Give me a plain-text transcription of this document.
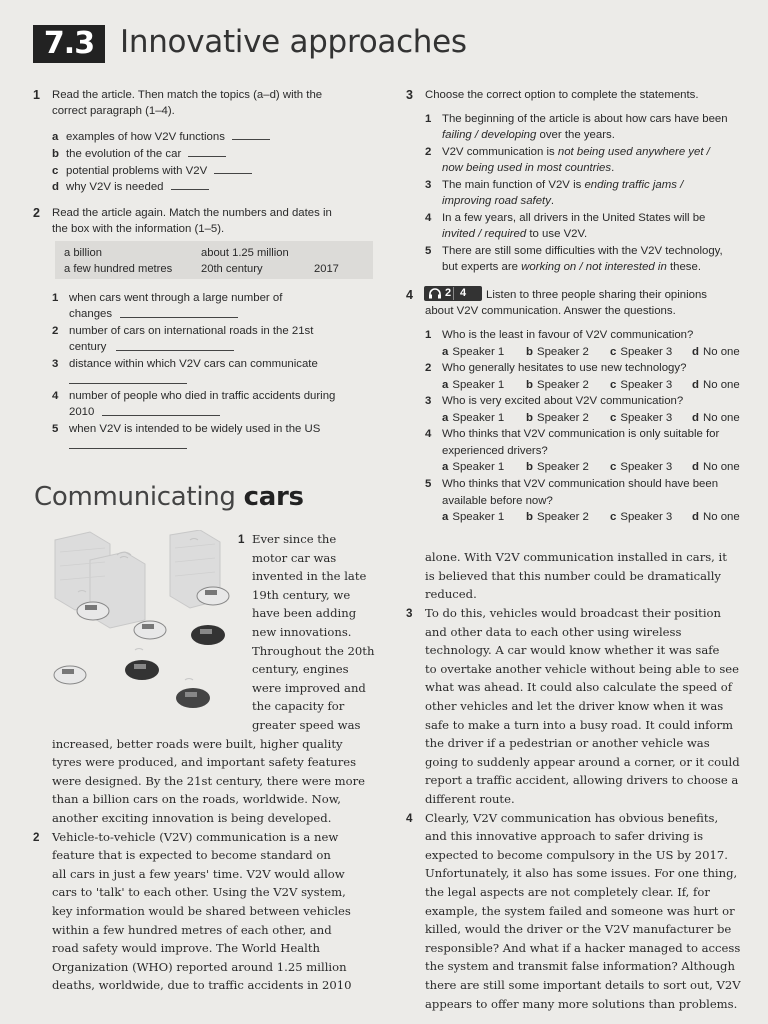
7.3 Innovative approaches
1 Read the article. Then match the topics (a–d) with the
correct paragraph (1–4).
a examples of how V2V functions
b the evolution of the car
c potential problems with V2V
d why V2V is needed
2 Read the article again. Match the numbers and dates in
the box with the information (1–5).
a billion	about 1.25 million
a few hundred metres	20th century	2017
1 when cars went through a large number of
changes
2 number of cars on international roads in the 21st
century
3 distance within which V2V cars can communicate
4 number of people who died in traffic accidents during
2010
5 when V2V is intended to be widely used in the US
3 Choose the correct option to complete the statements.
1 The beginning of the article is about how cars have been
failing / developing over the years.
2 V2V communication is not being used anywhere yet /
now being used in most countries.
3 The main function of V2V is ending traffic jams /
improving road safety.
4 In a few years, all drivers in the United States will be
invited / required to use V2V.
5 There are still some difficulties with the V2V technology,
but experts are working on / not interested in these.
4	2 4 Listen to three people sharing their opinions
about V2V communication. Answer the questions.
1 Who is the least in favour of V2V communication?
a Speaker 1 b Speaker 2 c Speaker 3 d No one
2 Who generally hesitates to use new technology?
a Speaker 1 b Speaker 2 c Speaker 3 d No one
3 Who is very excited about V2V communication?
a Speaker 1 b Speaker 2 c Speaker 3 d No one
4 Who thinks that V2V communication is only suitable for
experienced drivers?
a Speaker 1 b Speaker 2 c Speaker 3 d No one
5 Who thinks that V2V communication should have been
available before now?
a Speaker 1 b Speaker 2 c Speaker 3 d No one
Communicating cars
1 Ever since the
motor car was
invented in the late
19th century, we
have been adding
new innovations.
Throughout the 20th
century, engines
were improved and
the capacity for
greater speed was
increased, better roads were built, higher quality
tyres were produced, and important safety features
were designed. By the 21st century, there were more
than a billion cars on the roads, worldwide. Now,
another exciting innovation is being developed.
2 Vehicle-to-vehicle (V2V) communication is a new
feature that is expected to become standard on
all cars in just a few years' time. V2V would allow
cars to 'talk' to each other. Using the V2V system,
key information would be shared between vehicles
within a few hundred metres of each other, and
road safety would improve. The World Health
Organization (WHO) reported around 1.25 million
deaths, worldwide, due to traffic accidents in 2010
alone. With V2V communication installed in cars, it
is believed that this number could be dramatically
reduced.
3 To do this, vehicles would broadcast their position
and other data to each other using wireless
technology. A car would know whether it was safe
to overtake another vehicle without being able to see
what was ahead. It could also calculate the speed of
other vehicles and let the driver know when it was
safe to make a turn into a busy road. It could inform
the driver if a pedestrian or another vehicle was
going to suddenly appear around a corner, or it could
report a traffic accident, allowing drivers to choose a
different route.
4 Clearly, V2V communication has obvious benefits,
and this innovative approach to safer driving is
expected to become compulsory in the US by 2017.
Unfortunately, it also has some issues. For one thing,
the legal aspects are not completely clear. If, for
example, the system failed and someone was hurt or
killed, would the driver or the V2V manufacturer be
responsible? And what if a hacker managed to access
the system and transmit false information? Although
there are still some important details to sort out, V2V
appears to offer many more solutions than problems.
